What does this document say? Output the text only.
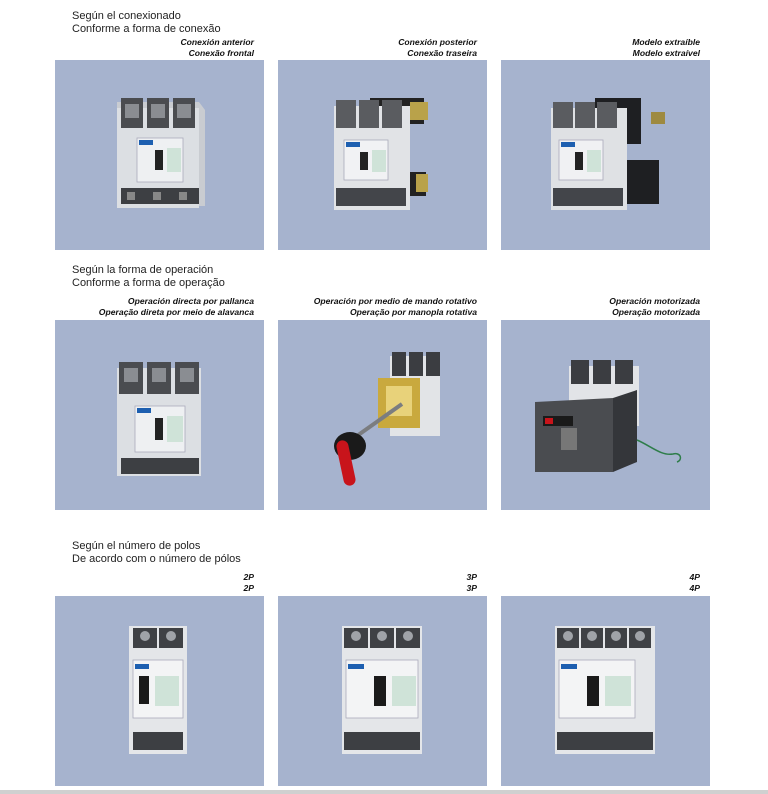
Según el conexionado
Conforme a forma de conexão
Conexión anterior
Conexão frontal
Conexión posterior
Conexão traseira
Modelo extraíble
Modelo extraível
Según la forma de operación
Conforme a forma de operação
Operación directa por pallanca
Operação direta por meio de alavanca
Operación por medio de mando rotativo
Operação por manopla rotativa
Operación motorizada
Operação motorizada
Según el número de polos
De acordo com o número de pólos
2P
2P
3P
3P
4P
4P
